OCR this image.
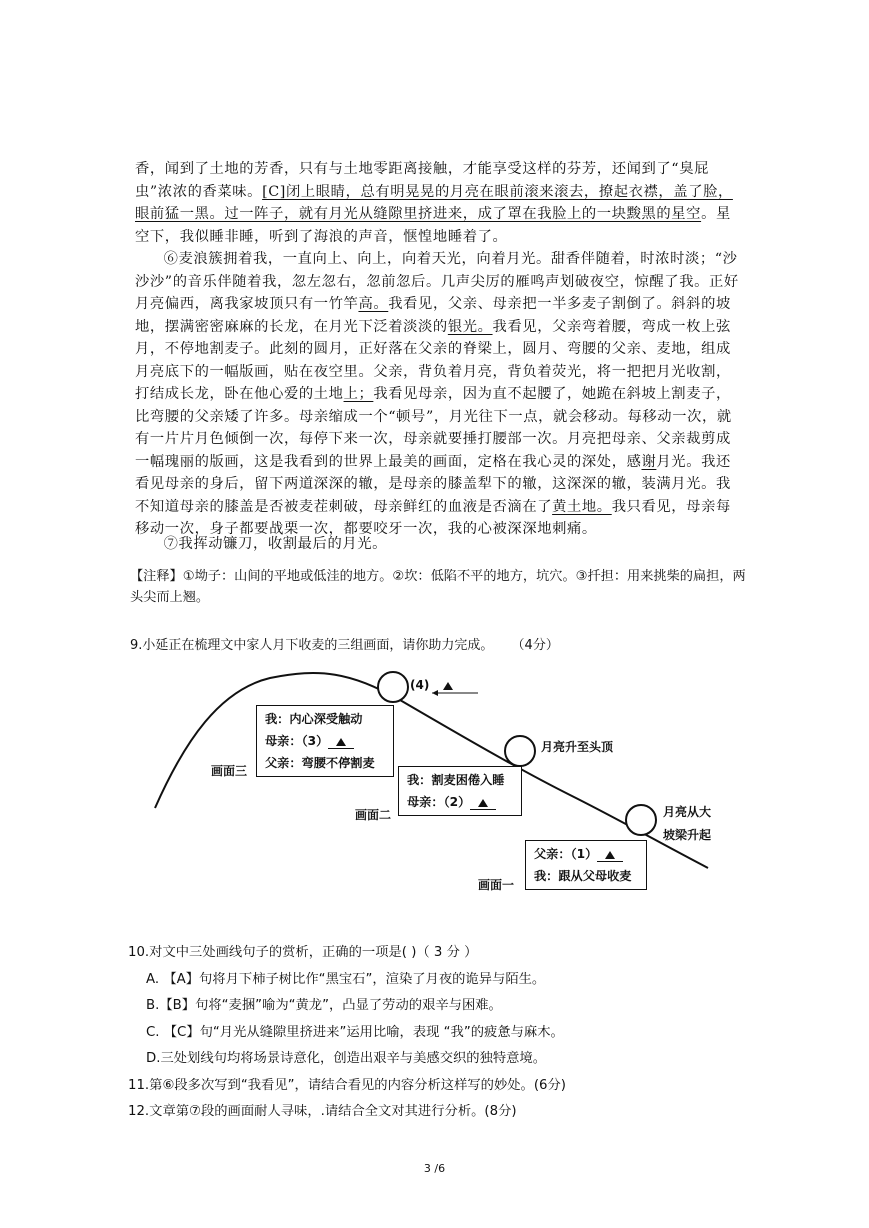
香，闻到了土地的芳香，只有与土地零距离接触，才能享受这样的芬芳，还闻到了“臭屁虫”浓浓的香菜味。[C]闭上眼睛，总有明晃晃的月亮在眼前滚来滚去，撩起衣襟，盖了脸，眼前猛一黑。过一阵子，就有月光从缝隙里挤进来，成了罩在我脸上的一块黢黑的星空。星空下，我似睡非睡，听到了海浪的声音，惬惶地睡着了。

⑥麦浪簇拥着我，一直向上、向上，向着天光，向着月光。甜香伴随着，时浓时淡；“沙沙沙”的音乐伴随着我，忽左忽右，忽前忽后。几声尖厉的雁鸣声划破夜空，惊醒了我。正好月亮偏西，离我家坡顶只有一竹竿高。我看见，父亲、母亲把一半多麦子割倒了。斜斜的坡地，摆满密密麻麻的长龙，在月光下泛着淡淡的银光。我看见，父亲弯着腰，弯成一枚上弦月，不停地割麦子。此刻的圆月，正好落在父亲的脊梁上，圆月、弯腰的父亲、麦地，组成月亮底下的一幅版画，贴在夜空里。父亲，背负着月亮，背负着荧光，将一把把月光收割，打结成长龙，卧在他心爱的土地上；我看见母亲，因为直不起腰了，她跪在斜坡上割麦子，比弯腰的父亲矮了许多。母亲缩成一个“顿号”，月光往下一点，就会移动。每移动一次，就有一片片月色倾倒一次，每停下来一次，母亲就要捶打腰部一次。月亮把母亲、父亲裁剪成一幅瑰丽的版画，这是我看到的世界上最美的画面，定格在我心灵的深处，感谢月光。我还看见母亲的身后，留下两道深深的辙，是母亲的膝盖犁下的辙，这深深的辙，装满月光。我不知道母亲的膝盖是否被麦茬刺破，母亲鲜红的血液是否滴在了黄土地。我只看见，母亲每移动一次，身子都要战栗一次，都要咬牙一次，我的心被深深地刺痛。

⑦我挥动镰刀，收割最后的月光。

【注释】①坳子：山间的平地或低洼的地方。②坎：低陷不平的地方，坑穴。③扦担：用来挑柴的扁担，两头尖而上翘。
9.小延正在梳理文中家人月下收麦的三组画面，请你助力完成。 （4分）
(4)
月亮升至头顶
月亮从大
坡梁升起
画面三
画面二
画面一
我：内心深受触动
母亲：（3）
父亲：弯腰不停割麦
我：割麦困倦入睡
母亲：（2）
父亲：（1）
我：跟从父母收麦

10.对文中三处画线句子的赏析，正确的一项是( )（ 3 分 ）

A. 【A】句将月下柿子树比作“黑宝石”，渲染了月夜的诡异与陌生。

B.【B】句将“麦捆”喻为“黄龙”，凸显了劳动的艰辛与困难。

C. 【C】句“月光从缝隙里挤进来”运用比喻，表现 “我”的疲惫与麻木。

D.三处划线句均将场景诗意化，创造出艰辛与美感交织的独特意境。

11.第⑥段多次写到“我看见”，请结合看见的内容分析这样写的妙处。(6分)

12.文章第⑦段的画面耐人寻味，.请结合全文对其进行分析。(8分)

3 /6
